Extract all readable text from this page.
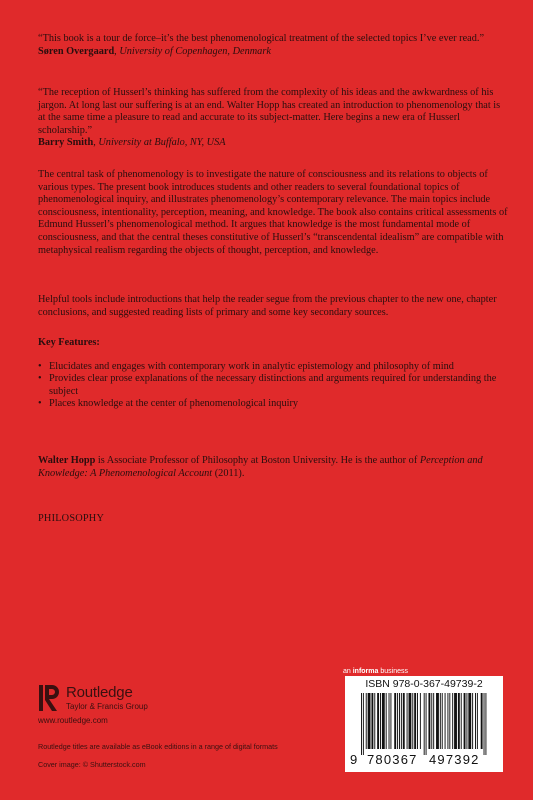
“This book is a tour de force–it’s the best phenomenological treatment of the selected topics I’ve ever read.”
Søren Overgaard, University of Copenhagen, Denmark
“The reception of Husserl’s thinking has suffered from the complexity of his ideas and the awkwardness of his jargon. At long last our suffering is at an end. Walter Hopp has created an introduction to phenomenology that is at the same time a pleasure to read and accurate to its subject-matter. Here begins a new era of Husserl scholarship.”
Barry Smith, University at Buffalo, NY, USA
The central task of phenomenology is to investigate the nature of consciousness and its relations to objects of various types. The present book introduces students and other readers to several foundational topics of phenomenological inquiry, and illustrates phenomenology’s contemporary relevance. The main topics include consciousness, intentionality, perception, meaning, and knowledge. The book also contains critical assessments of Edmund Husserl’s phenomenological method. It argues that knowledge is the most fundamental mode of consciousness, and that the central theses constitutive of Husserl’s “transcendental idealism” are compatible with metaphysical realism regarding the objects of thought, perception, and knowledge.
Helpful tools include introductions that help the reader segue from the previous chapter to the new one, chapter conclusions, and suggested reading lists of primary and some key secondary sources.
Key Features:
• Elucidates and engages with contemporary work in analytic epistemology and philosophy of mind
• Provides clear prose explanations of the necessary distinctions and arguments required for understanding the subject
• Places knowledge at the center of phenomenological inquiry
Walter Hopp is Associate Professor of Philosophy at Boston University. He is the author of Perception and Knowledge: A Phenomenological Account (2011).
PHILOSOPHY
Routledge
Taylor & Francis Group
www.routledge.com
Routledge titles are available as eBook editions in a range of digital formats
Cover image: © Shutterstock.com
an informa business
ISBN 978-0-367-49739-2
9 780367 497392
